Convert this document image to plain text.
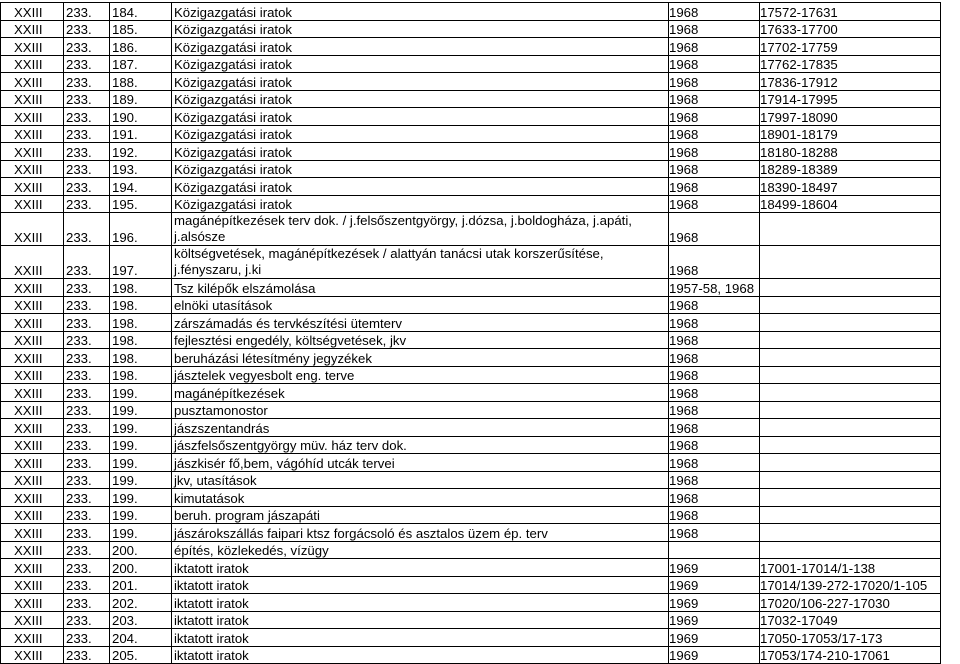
XXIII	233.	184.	Közigazgatási iratok	1968	17572-17631
XXIII	233.	185.	Közigazgatási iratok	1968	17633-17700
XXIII	233.	186.	Közigazgatási iratok	1968	17702-17759
XXIII	233.	187.	Közigazgatási iratok	1968	17762-17835
XXIII	233.	188.	Közigazgatási iratok	1968	17836-17912
XXIII	233.	189.	Közigazgatási iratok	1968	17914-17995
XXIII	233.	190.	Közigazgatási iratok	1968	17997-18090
XXIII	233.	191.	Közigazgatási iratok	1968	18901-18179
XXIII	233.	192.	Közigazgatási iratok	1968	18180-18288
XXIII	233.	193.	Közigazgatási iratok	1968	18289-18389
XXIII	233.	194.	Közigazgatási iratok	1968	18390-18497
XXIII	233.	195.	Közigazgatási iratok	1968	18499-18604
XXIII	233.	196.	magánépítkezések terv dok. / j.felsőszentgyörgy, j.dózsa, j.boldogháza, j.apáti, j.alsósze	1968	
XXIII	233.	197.	költségvetések, magánépítkezések / alattyán tanácsi utak korszerűsítése, j.fényszaru, j.ki	1968	
XXIII	233.	198.	Tsz kilépők elszámolása	1957-58, 1968	
XXIII	233.	198.	elnöki utasítások	1968	
XXIII	233.	198.	zárszámadás és tervkészítési ütemterv	1968	
XXIII	233.	198.	fejlesztési engedély, költségvetések, jkv	1968	
XXIII	233.	198.	beruházási létesítmény jegyzékek	1968	
XXIII	233.	198.	jásztelek vegyesbolt eng. terve	1968	
XXIII	233.	199.	magánépítkezések	1968	
XXIII	233.	199.	pusztamonostor	1968	
XXIII	233.	199.	jászszentandrás	1968	
XXIII	233.	199.	jászfelsőszentgyörgy müv. ház terv dok.	1968	
XXIII	233.	199.	jászkisér fő,bem, vágóhíd utcák tervei	1968	
XXIII	233.	199.	jkv, utasítások	1968	
XXIII	233.	199.	kimutatások	1968	
XXIII	233.	199.	beruh. program jászapáti	1968	
XXIII	233.	199.	jászárokszállás faipari ktsz forgácsoló és asztalos üzem ép. terv	1968	
XXIII	233.	200.	építés, közlekedés, vízügy		
XXIII	233.	200.	iktatott iratok	1969	17001-17014/1-138
XXIII	233.	201.	iktatott iratok	1969	17014/139-272-17020/1-105
XXIII	233.	202.	iktatott iratok	1969	17020/106-227-17030
XXIII	233.	203.	iktatott iratok	1969	17032-17049
XXIII	233.	204.	iktatott iratok	1969	17050-17053/17-173
XXIII	233.	205.	iktatott iratok	1969	17053/174-210-17061
